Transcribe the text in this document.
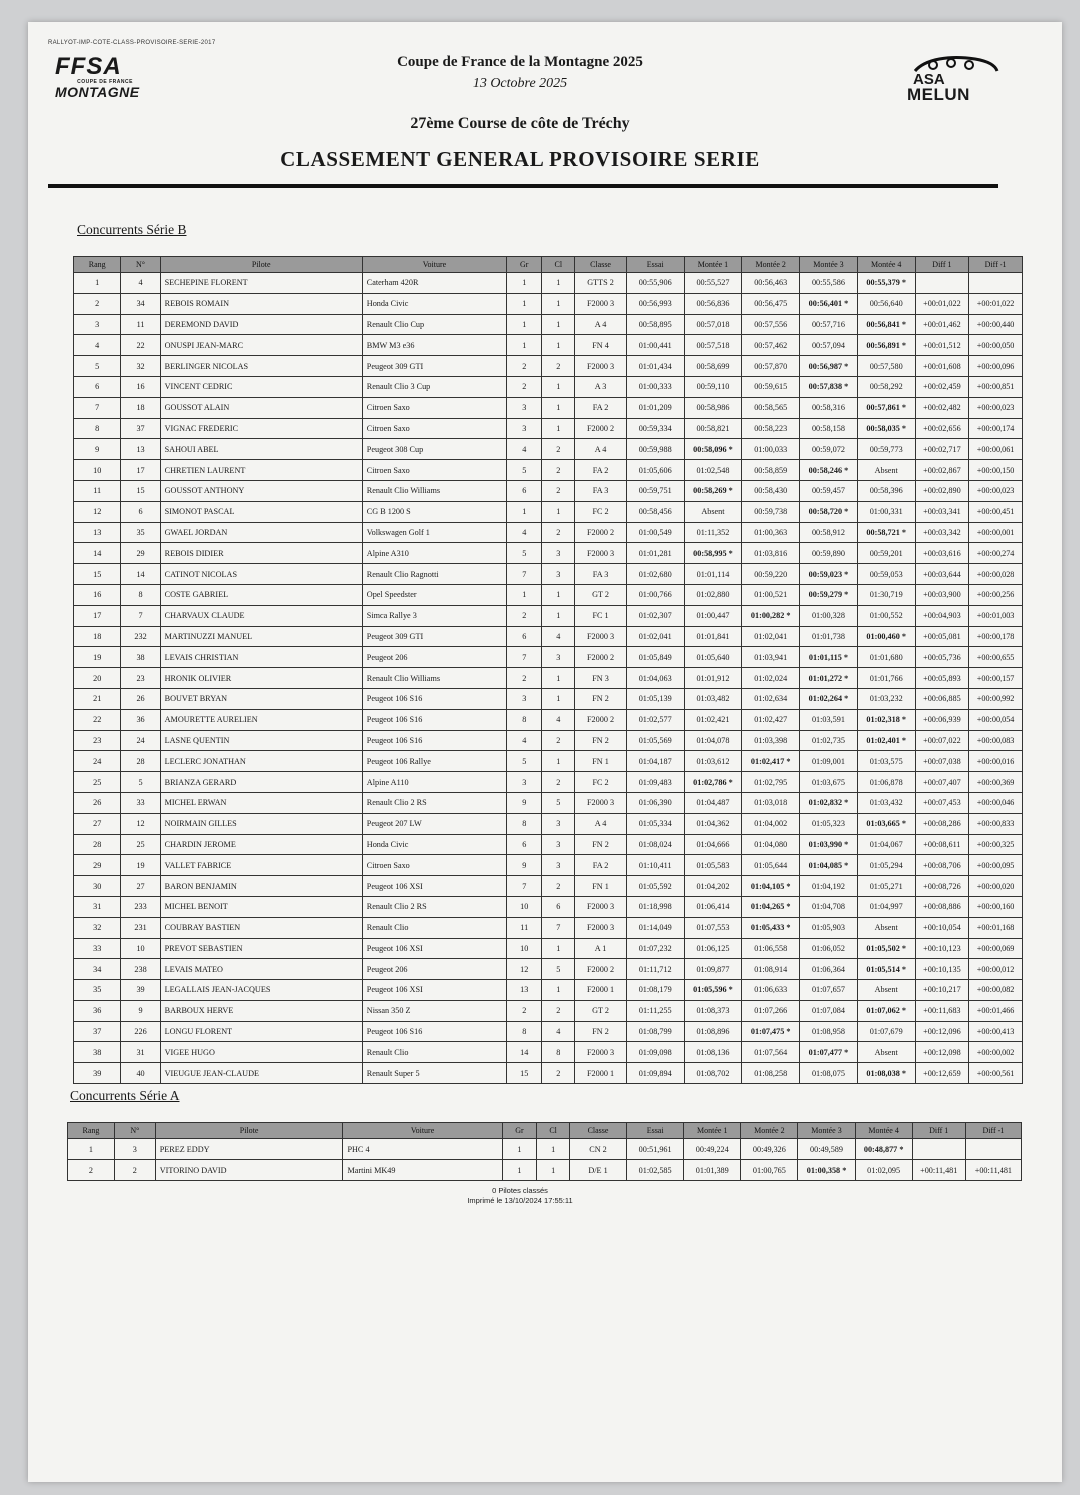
RALLYOT-IMP-COTE-CLASS-PROVISOIRE-SERIE-2017
FFSA
COUPE DE FRANCE
MONTAGNE
ASA
MELUN
Coupe de France de la Montagne 2025
13 Octobre 2025
27ème Course de côte de Tréchy
CLASSEMENT GENERAL PROVISOIRE SERIE
Concurrents Série B
Rang	N°	Pilote	Voiture	Gr	Cl	Classe	Essai	Montée 1	Montée 2	Montée 3	Montée 4	Diff 1	Diff -1
1	4	SECHEPINE FLORENT	Caterham 420R	1	1	GTTS 2	00:55,906	00:55,527	00:56,463	00:55,586	00:55,379 *		
2	34	REBOIS ROMAIN	Honda Civic	1	1	F2000 3	00:56,993	00:56,836	00:56,475	00:56,401 *	00:56,640	+00:01,022	+00:01,022
3	11	DEREMOND DAVID	Renault Clio Cup	1	1	A 4	00:58,895	00:57,018	00:57,556	00:57,716	00:56,841 *	+00:01,462	+00:00,440
4	22	ONUSPI JEAN-MARC	BMW M3 e36	1	1	FN 4	01:00,441	00:57,518	00:57,462	00:57,094	00:56,891 *	+00:01,512	+00:00,050
5	32	BERLINGER NICOLAS	Peugeot 309 GTI	2	2	F2000 3	01:01,434	00:58,699	00:57,870	00:56,987 *	00:57,580	+00:01,608	+00:00,096
6	16	VINCENT CEDRIC	Renault Clio 3 Cup	2	1	A 3	01:00,333	00:59,110	00:59,615	00:57,838 *	00:58,292	+00:02,459	+00:00,851
7	18	GOUSSOT ALAIN	Citroen Saxo	3	1	FA 2	01:01,209	00:58,986	00:58,565	00:58,316	00:57,861 *	+00:02,482	+00:00,023
8	37	VIGNAC FREDERIC	Citroen Saxo	3	1	F2000 2	00:59,334	00:58,821	00:58,223	00:58,158	00:58,035 *	+00:02,656	+00:00,174
9	13	SAHOUI ABEL	Peugeot 308 Cup	4	2	A 4	00:59,988	00:58,096 *	01:00,033	00:59,072	00:59,773	+00:02,717	+00:00,061
10	17	CHRETIEN LAURENT	Citroen Saxo	5	2	FA 2	01:05,606	01:02,548	00:58,859	00:58,246 *	Absent	+00:02,867	+00:00,150
11	15	GOUSSOT ANTHONY	Renault Clio Williams	6	2	FA 3	00:59,751	00:58,269 *	00:58,430	00:59,457	00:58,396	+00:02,890	+00:00,023
12	6	SIMONOT PASCAL	CG B 1200 S	1	1	FC 2	00:58,456	Absent	00:59,738	00:58,720 *	01:00,331	+00:03,341	+00:00,451
13	35	GWAEL JORDAN	Volkswagen Golf 1	4	2	F2000 2	01:00,549	01:11,352	01:00,363	00:58,912	00:58,721 *	+00:03,342	+00:00,001
14	29	REBOIS DIDIER	Alpine A310	5	3	F2000 3	01:01,281	00:58,995 *	01:03,816	00:59,890	00:59,201	+00:03,616	+00:00,274
15	14	CATINOT NICOLAS	Renault Clio Ragnotti	7	3	FA 3	01:02,680	01:01,114	00:59,220	00:59,023 *	00:59,053	+00:03,644	+00:00,028
16	8	COSTE GABRIEL	Opel Speedster	1	1	GT 2	01:00,766	01:02,880	01:00,521	00:59,279 *	01:30,719	+00:03,900	+00:00,256
17	7	CHARVAUX CLAUDE	Simca Rallye 3	2	1	FC 1	01:02,307	01:00,447	01:00,282 *	01:00,328	01:00,552	+00:04,903	+00:01,003
18	232	MARTINUZZI MANUEL	Peugeot 309 GTI	6	4	F2000 3	01:02,041	01:01,841	01:02,041	01:01,738	01:00,460 *	+00:05,081	+00:00,178
19	38	LEVAIS CHRISTIAN	Peugeot 206	7	3	F2000 2	01:05,849	01:05,640	01:03,941	01:01,115 *	01:01,680	+00:05,736	+00:00,655
20	23	HRONIK OLIVIER	Renault Clio Williams	2	1	FN 3	01:04,063	01:01,912	01:02,024	01:01,272 *	01:01,766	+00:05,893	+00:00,157
21	26	BOUVET BRYAN	Peugeot 106 S16	3	1	FN 2	01:05,139	01:03,482	01:02,634	01:02,264 *	01:03,232	+00:06,885	+00:00,992
22	36	AMOURETTE AURELIEN	Peugeot 106 S16	8	4	F2000 2	01:02,577	01:02,421	01:02,427	01:03,591	01:02,318 *	+00:06,939	+00:00,054
23	24	LASNE QUENTIN	Peugeot 106 S16	4	2	FN 2	01:05,569	01:04,078	01:03,398	01:02,735	01:02,401 *	+00:07,022	+00:00,083
24	28	LECLERC JONATHAN	Peugeot 106 Rallye	5	1	FN 1	01:04,187	01:03,612	01:02,417 *	01:09,001	01:03,575	+00:07,038	+00:00,016
25	5	BRIANZA GERARD	Alpine A110	3	2	FC 2	01:09,483	01:02,786 *	01:02,795	01:03,675	01:06,878	+00:07,407	+00:00,369
26	33	MICHEL ERWAN	Renault Clio 2 RS	9	5	F2000 3	01:06,390	01:04,487	01:03,018	01:02,832 *	01:03,432	+00:07,453	+00:00,046
27	12	NOIRMAIN GILLES	Peugeot 207 LW	8	3	A 4	01:05,334	01:04,362	01:04,002	01:05,323	01:03,665 *	+00:08,286	+00:00,833
28	25	CHARDIN JEROME	Honda Civic	6	3	FN 2	01:08,024	01:04,666	01:04,080	01:03,990 *	01:04,067	+00:08,611	+00:00,325
29	19	VALLET FABRICE	Citroen Saxo	9	3	FA 2	01:10,411	01:05,583	01:05,644	01:04,085 *	01:05,294	+00:08,706	+00:00,095
30	27	BARON BENJAMIN	Peugeot 106 XSI	7	2	FN 1	01:05,592	01:04,202	01:04,105 *	01:04,192	01:05,271	+00:08,726	+00:00,020
31	233	MICHEL BENOIT	Renault Clio 2 RS	10	6	F2000 3	01:18,998	01:06,414	01:04,265 *	01:04,708	01:04,997	+00:08,886	+00:00,160
32	231	COUBRAY BASTIEN	Renault Clio	11	7	F2000 3	01:14,049	01:07,553	01:05,433 *	01:05,903	Absent	+00:10,054	+00:01,168
33	10	PREVOT SEBASTIEN	Peugeot 106 XSI	10	1	A 1	01:07,232	01:06,125	01:06,558	01:06,052	01:05,502 *	+00:10,123	+00:00,069
34	238	LEVAIS MATEO	Peugeot 206	12	5	F2000 2	01:11,712	01:09,877	01:08,914	01:06,364	01:05,514 *	+00:10,135	+00:00,012
35	39	LEGALLAIS JEAN-JACQUES	Peugeot 106 XSI	13	1	F2000 1	01:08,179	01:05,596 *	01:06,633	01:07,657	Absent	+00:10,217	+00:00,082
36	9	BARBOUX HERVE	Nissan 350 Z	2	2	GT 2	01:11,255	01:08,373	01:07,266	01:07,084	01:07,062 *	+00:11,683	+00:01,466
37	226	LONGU FLORENT	Peugeot 106 S16	8	4	FN 2	01:08,799	01:08,896	01:07,475 *	01:08,958	01:07,679	+00:12,096	+00:00,413
38	31	VIGEE HUGO	Renault Clio	14	8	F2000 3	01:09,098	01:08,136	01:07,564	01:07,477 *	Absent	+00:12,098	+00:00,002
39	40	VIEUGUE JEAN-CLAUDE	Renault Super 5	15	2	F2000 1	01:09,894	01:08,702	01:08,258	01:08,075	01:08,038 *	+00:12,659	+00:00,561
Concurrents Série A
Rang	N°	Pilote	Voiture	Gr	Cl	Classe	Essai	Montée 1	Montée 2	Montée 3	Montée 4	Diff 1	Diff -1
1	3	PEREZ EDDY	PHC 4	1	1	CN 2	00:51,961	00:49,224	00:49,326	00:49,589	00:48,877 *		
2	2	VITORINO DAVID	Martini MK49	1	1	D/E 1	01:02,585	01:01,389	01:00,765	01:00,358 *	01:02,095	+00:11,481	+00:11,481
0 Pilotes classés
Imprimé le 13/10/2024 17:55:11
